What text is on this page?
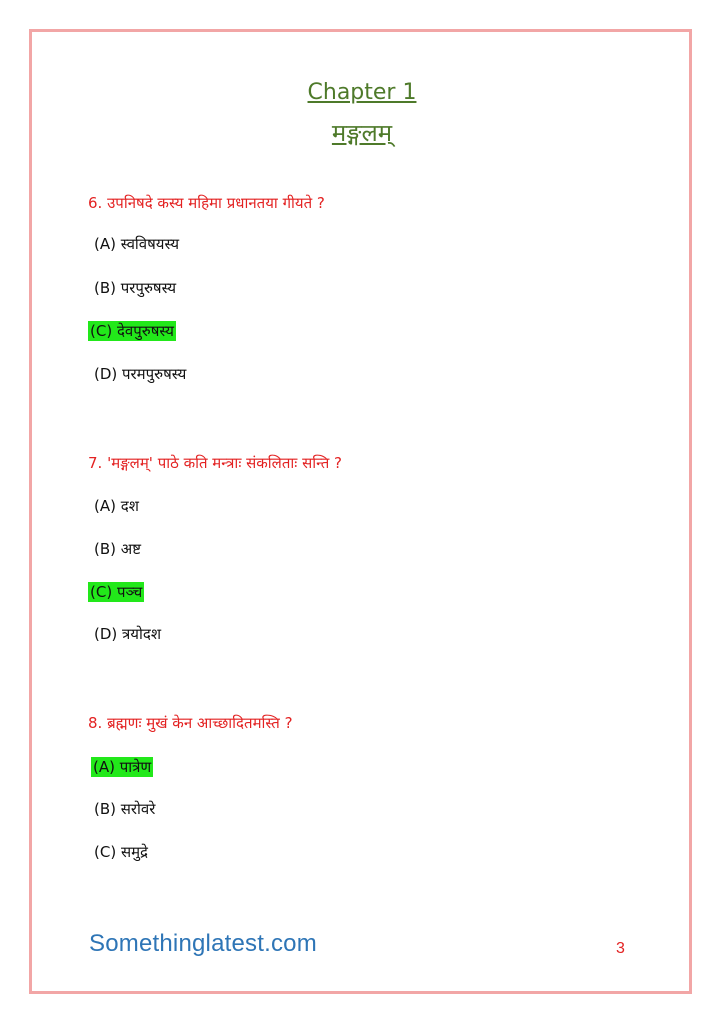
Chapter 1
मङ्गलम्
6. उपनिषदे कस्य महिमा प्रधानतया गीयते ?
(A) स्वविषयस्य
(B) परपुरुषस्य
(C) देवपुरुषस्य
(D) परमपुरुषस्य
7. 'मङ्गलम्' पाठे कति मन्त्राः संकलिताः सन्ति ?
(A) दश
(B) अष्ट
(C) पञ्च
(D) त्रयोदश
8. ब्रह्मणः मुखं केन आच्छादितमस्ति ?
(A) पात्रेण
(B) सरोवरे
(C) समुद्रे
Somethinglatest.com	3
